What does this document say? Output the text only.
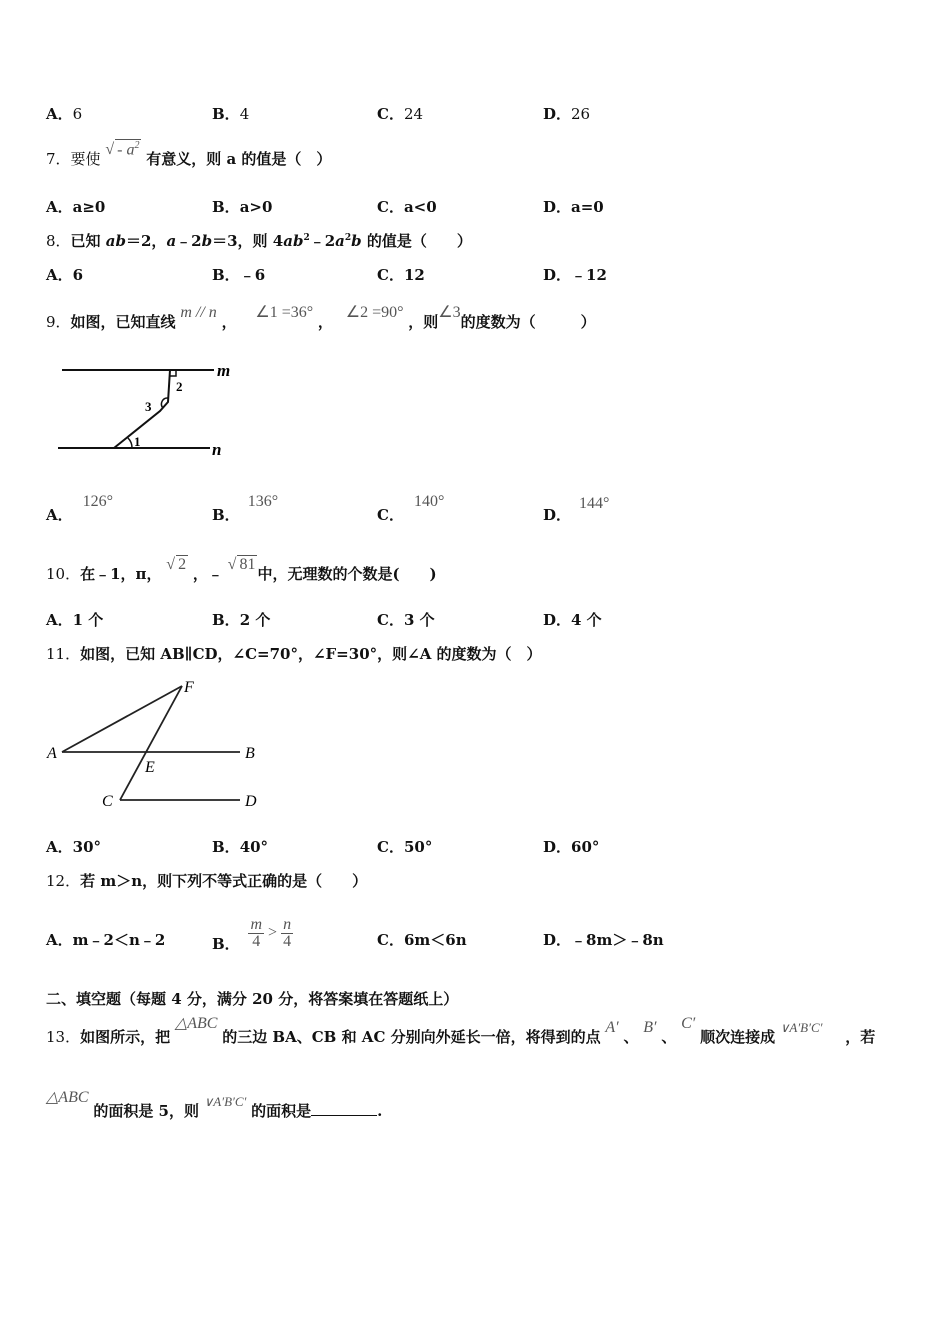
A．6	B．4	C．24	D．26
7．要使 √ - $a^2$ 有意义，则 a 的值是（　）
A．a≥0	B．a>0	C．a<0	D．a=0
8．已知 ab＝2，a﹣2b＝3，则 $4ab^2﹣2a^2b$ 的值是（　　）
A．6	B．﹣6	C．12	D．﹣12
9．如图，已知直线 m // n ， ∠1 =36° ， ∠2 =90° ，则∠3的度数为（　　　）
m
n
2
3
1
A．126°
B．136°
C．140°
D．144°
10．在﹣1，π， √ 2 ，﹣ √ 81中，无理数的个数是(　　)
A．1 个	B．2 个	C．3 个	D．4 个
11．如图，已知 AB∥CD，∠C=70°，∠F=30°，则∠A 的度数为（　）
A	B
C	D
E
F
A．30°	B．40°	C．50°	D．60°
12．若 m＞n，则下列不等式正确的是（　　）
A．m﹣2＜n﹣2	B． $\frac{m}{4} > \frac{n}{4}$	C．6m＜6n	D．﹣8m＞﹣8n
二、填空题（每题 4 分，满分 20 分，将答案填在答题纸上）
13．如图所示，把 △ABC 的三边 BA、CB 和 AC 分别向外延长一倍，将得到的点 A′ 、 B′ 、 C′ 顺次连接成 ∨A′B′C′ ，若
△ABC 的面积是 5，则 ∨A′B′C′ 的面积是	.
